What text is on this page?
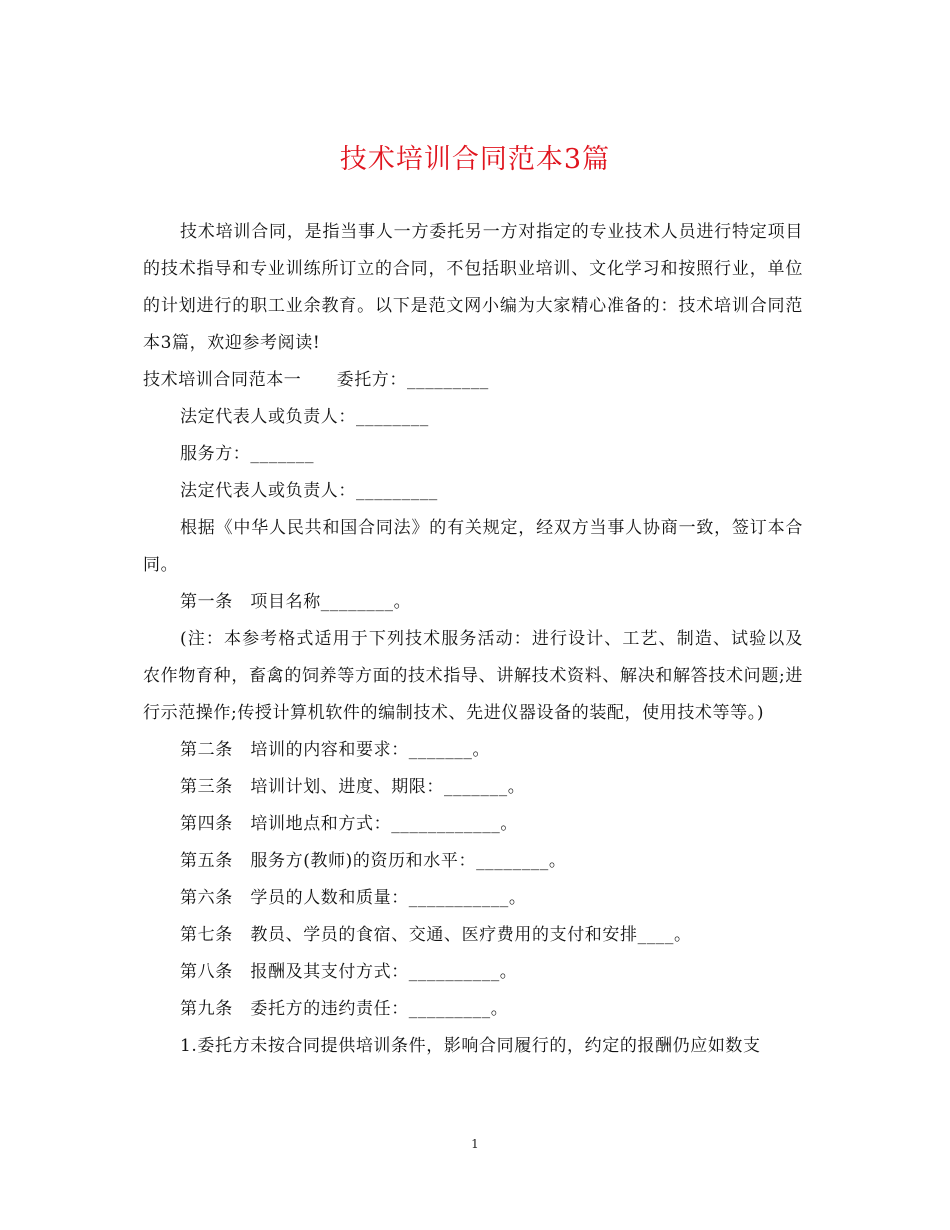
技术培训合同范本3篇

技术培训合同，是指当事人一方委托另一方对指定的专业技术人员进行特定项目的技术指导和专业训练所订立的合同，不包括职业培训、文化学习和按照行业，单位的计划进行的职工业余教育。以下是范文网小编为大家精心准备的：技术培训合同范本3篇，欢迎参考阅读!

技术培训合同范本一　　委托方：_________

法定代表人或负责人：________

服务方：_______

法定代表人或负责人：_________

根据《中华人民共和国合同法》的有关规定，经双方当事人协商一致，签订本合同。

第一条　项目名称________。

(注：本参考格式适用于下列技术服务活动：进行设计、工艺、制造、试验以及农作物育种，畜禽的饲养等方面的技术指导、讲解技术资料、解决和解答技术问题;进行示范操作;传授计算机软件的编制技术、先进仪器设备的装配，使用技术等等。)

第二条　培训的内容和要求：_______。

第三条　培训计划、进度、期限：_______。

第四条　培训地点和方式：____________。

第五条　服务方(教师)的资历和水平：________。

第六条　学员的人数和质量：___________。

第七条　教员、学员的食宿、交通、医疗费用的支付和安排____。

第八条　报酬及其支付方式：__________。

第九条　委托方的违约责任：_________。

1.委托方未按合同提供培训条件，影响合同履行的，约定的报酬仍应如数支

1
